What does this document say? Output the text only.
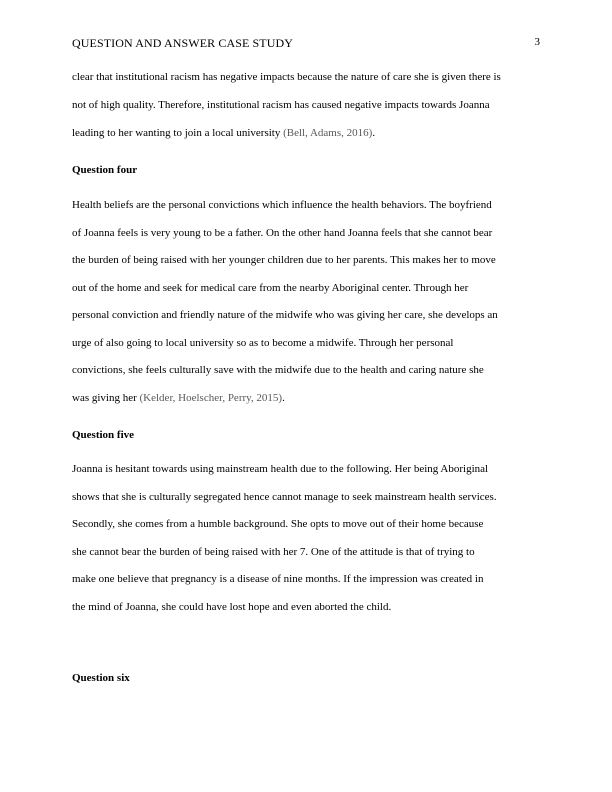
QUESTION AND ANSWER CASE STUDY	3
clear that institutional racism has negative impacts because the nature of care she is given there is
not of high quality. Therefore, institutional racism has caused negative impacts towards Joanna
leading to her wanting to join a local university (Bell, Adams, 2016).
Question four
Health beliefs are the personal convictions which influence the health behaviors. The boyfriend
of Joanna feels is very young to be a father. On the other hand Joanna feels that she cannot bear
the burden of being raised with her younger children due to her parents. This makes her to move
out of the home and seek for medical care from the nearby Aboriginal center. Through her
personal conviction and friendly nature of the midwife who was giving her care, she develops an
urge of also going to local university so as to become a midwife. Through her personal
convictions, she feels culturally save with the midwife due to the health and caring nature she
was giving her (Kelder, Hoelscher, Perry, 2015).
Question five
Joanna is hesitant towards using mainstream health due to the following. Her being Aboriginal
shows that she is culturally segregated hence cannot manage to seek mainstream health services.
Secondly, she comes from a humble background. She opts to move out of their home because
she cannot bear the burden of being raised with her 7. One of the attitude is that of trying to
make one believe that pregnancy is a disease of nine months. If the impression was created in
the mind of Joanna, she could have lost hope and even aborted the child.
Question six
